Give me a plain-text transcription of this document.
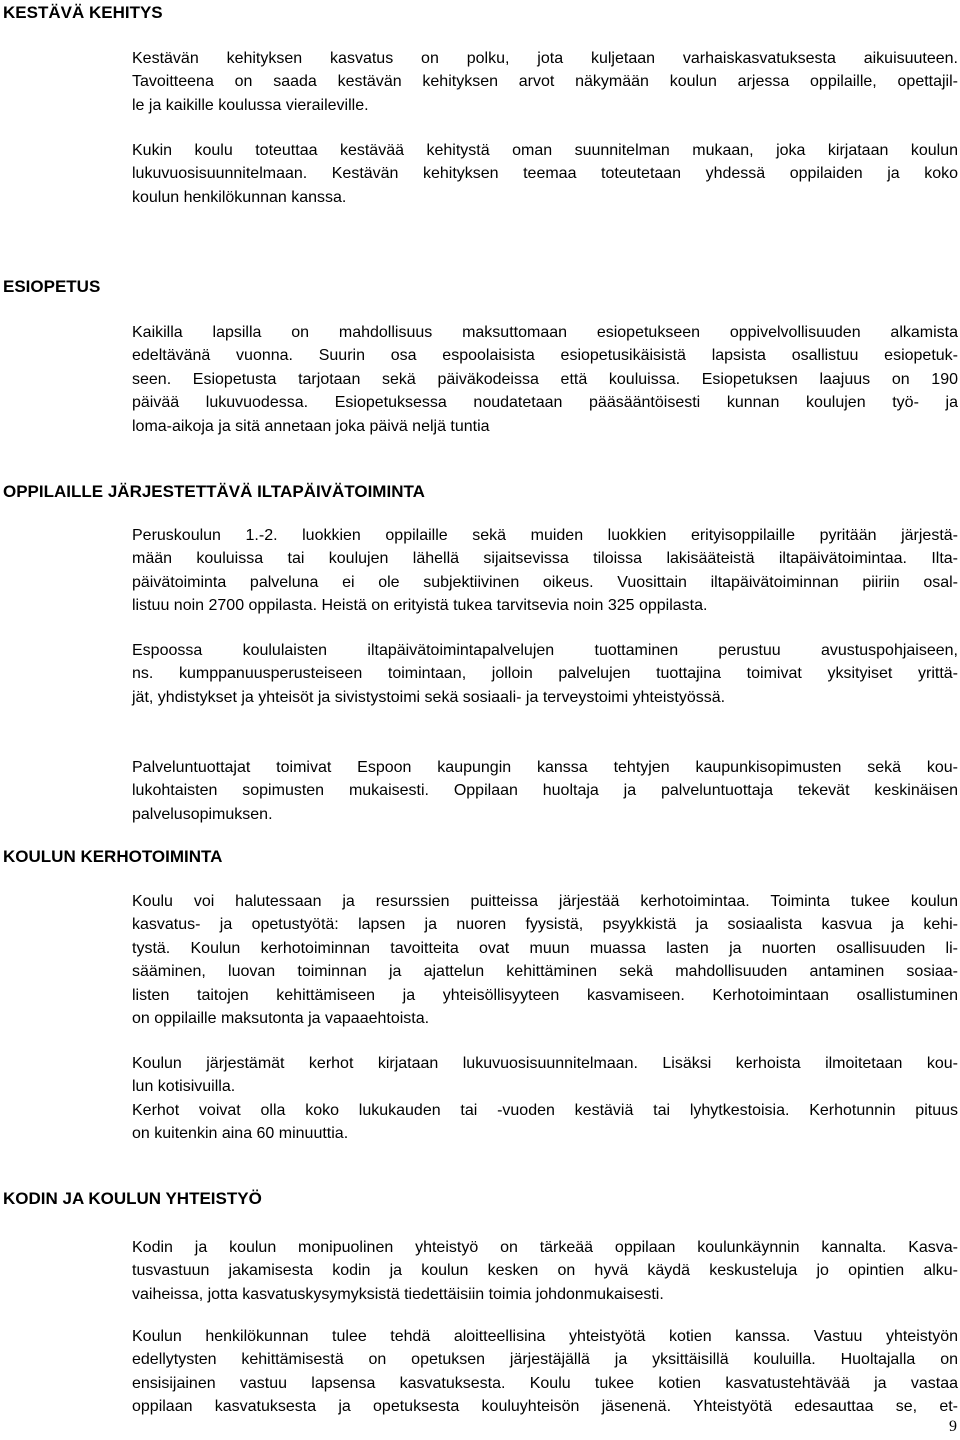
KESTÄVÄ KEHITYS
Kestävän kehityksen kasvatus on polku, jota kuljetaan varhaiskasvatuksesta aikuisuuteen.
Tavoitteena on saada kestävän kehityksen arvot näkymään koulun arjessa oppilaille, opettajil-
le ja kaikille koulussa vieraileville.
Kukin koulu toteuttaa kestävää kehitystä oman suunnitelman mukaan, joka kirjataan koulun
lukuvuosisuunnitelmaan. Kestävän kehityksen teemaa toteutetaan yhdessä oppilaiden ja koko
koulun henkilökunnan kanssa.
ESIOPETUS
Kaikilla lapsilla on mahdollisuus maksuttomaan esiopetukseen oppivelvollisuuden alkamista
edeltävänä vuonna. Suurin osa espoolaisista esiopetusikäisistä lapsista osallistuu esiopetuk-
seen. Esiopetusta tarjotaan sekä päiväkodeissa että kouluissa. Esiopetuksen laajuus on 190
päivää lukuvuodessa. Esiopetuksessa noudatetaan pääsääntöisesti kunnan koulujen työ- ja
loma-aikoja ja sitä annetaan joka päivä neljä tuntia
OPPILAILLE JÄRJESTETTÄVÄ ILTAPÄIVÄTOIMINTA
Peruskoulun 1.-2. luokkien oppilaille sekä muiden luokkien erityisoppilaille pyritään järjestä-
mään kouluissa tai koulujen lähellä sijaitsevissa tiloissa lakisääteistä iltapäivätoimintaa. Ilta-
päivätoiminta palveluna ei ole subjektiivinen oikeus. Vuosittain iltapäivätoiminnan piiriin osal-
listuu noin 2700 oppilasta. Heistä on erityistä tukea tarvitsevia noin 325 oppilasta.
Espoossa koululaisten iltapäivätoimintapalvelujen tuottaminen perustuu avustuspohjaiseen,
ns. kumppanuusperusteiseen toimintaan, jolloin palvelujen tuottajina toimivat yksityiset yrittä-
jät, yhdistykset ja yhteisöt ja sivistystoimi sekä sosiaali- ja terveystoimi yhteistyössä.
Palveluntuottajat toimivat Espoon kaupungin kanssa tehtyjen kaupunkisopimusten sekä kou-
lukohtaisten sopimusten mukaisesti. Oppilaan huoltaja ja palveluntuottaja tekevät keskinäisen
palvelusopimuksen.
KOULUN KERHOTOIMINTA
Koulu voi halutessaan ja resurssien puitteissa järjestää kerhotoimintaa. Toiminta tukee koulun
kasvatus- ja opetustyötä: lapsen ja nuoren fyysistä, psyykkistä ja sosiaalista kasvua ja kehi-
tystä. Koulun kerhotoiminnan tavoitteita ovat muun muassa lasten ja nuorten osallisuuden li-
sääminen, luovan toiminnan ja ajattelun kehittäminen sekä mahdollisuuden antaminen sosiaa-
listen taitojen kehittämiseen ja yhteisöllisyyteen kasvamiseen. Kerhotoimintaan osallistuminen
on oppilaille maksutonta ja vapaaehtoista.
Koulun järjestämät kerhot kirjataan lukuvuosisuunnitelmaan. Lisäksi kerhoista ilmoitetaan kou-
lun kotisivuilla.
Kerhot voivat olla koko lukukauden tai -vuoden kestäviä tai lyhytkestoisia. Kerhotunnin pituus
on kuitenkin aina 60 minuuttia.
KODIN JA KOULUN YHTEISTYÖ
Kodin ja koulun monipuolinen yhteistyö on tärkeää oppilaan koulunkäynnin kannalta. Kasva-
tusvastuun jakamisesta kodin ja koulun kesken on hyvä käydä keskusteluja jo opintien alku-
vaiheissa, jotta kasvatuskysymyksistä tiedettäisiin toimia johdonmukaisesti.
Koulun henkilökunnan tulee tehdä aloitteellisina yhteistyötä kotien kanssa. Vastuu yhteistyön
edellytysten kehittämisestä on opetuksen järjestäjällä ja yksittäisillä kouluilla. Huoltajalla on
ensisijainen vastuu lapsensa kasvatuksesta. Koulu tukee kotien kasvatustehtävää ja vastaa
oppilaan kasvatuksesta ja opetuksesta kouluyhteisön jäsenenä. Yhteistyötä edesauttaa se, et-
9
